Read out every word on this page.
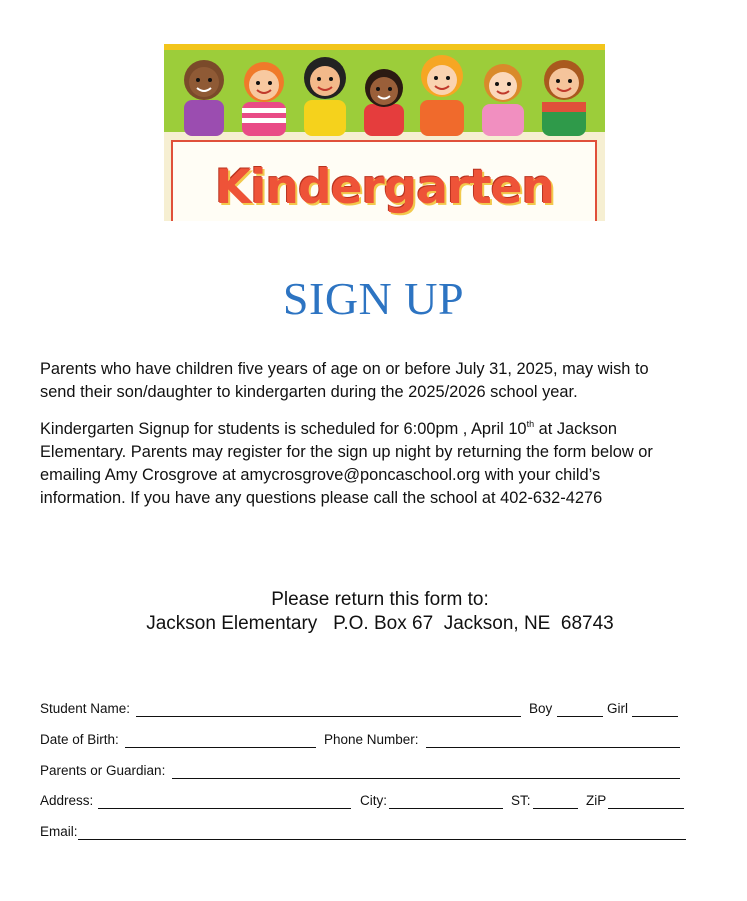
Kindergarten
SIGN UP

Parents who have children five years of age on or before July 31, 2025, may wish to
send their son/daughter to kindergarten during the 2025/2026 school year.

Kindergarten Signup for students is scheduled for 6:00pm , April 10th at Jackson
Elementary. Parents may register for the sign up night by returning the form below or
emailing Amy Crosgrove at amycrosgrove@poncaschool.org with your child’s
information. If you have any questions please call the school at 402-632-4276

Please return this form to:
Jackson Elementary   P.O. Box 67  Jackson, NE  68743
Student Name:	Boy	Girl
Date of Birth:	Phone Number:
Parents or Guardian:
Address:	City:	ST:	ZiP
Email:
